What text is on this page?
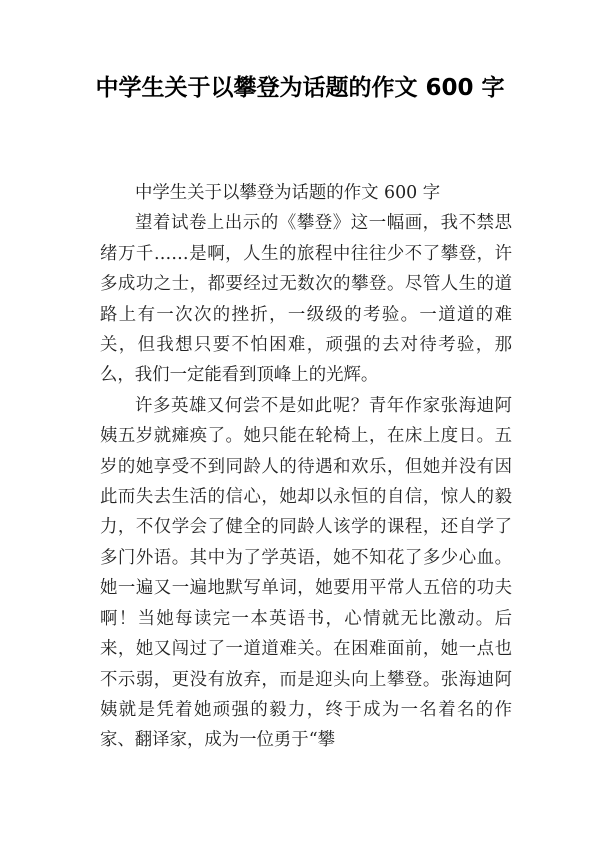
中学生关于以攀登为话题的作文 600 字

中学生关于以攀登为话题的作文 600 字

望着试卷上出示的《攀登》这一幅画，我不禁思绪万千……是啊，人生的旅程中往往少不了攀登，许多成功之士，都要经过无数次的攀登。尽管人生的道路上有一次次的挫折，一级级的考验。一道道的难关，但我想只要不怕困难，顽强的去对待考验，那么，我们一定能看到顶峰上的光辉。

许多英雄又何尝不是如此呢？青年作家张海迪阿姨五岁就瘫痪了。她只能在轮椅上，在床上度日。五岁的她享受不到同龄人的待遇和欢乐，但她并没有因此而失去生活的信心，她却以永恒的自信，惊人的毅力，不仅学会了健全的同龄人该学的课程，还自学了多门外语。其中为了学英语，她不知花了多少心血。她一遍又一遍地默写单词，她要用平常人五倍的功夫啊！当她每读完一本英语书，心情就无比激动。后来，她又闯过了一道道难关。在困难面前，她一点也不示弱，更没有放弃，而是迎头向上攀登。张海迪阿姨就是凭着她顽强的毅力，终于成为一名着名的作家、翻译家，成为一位勇于“攀
